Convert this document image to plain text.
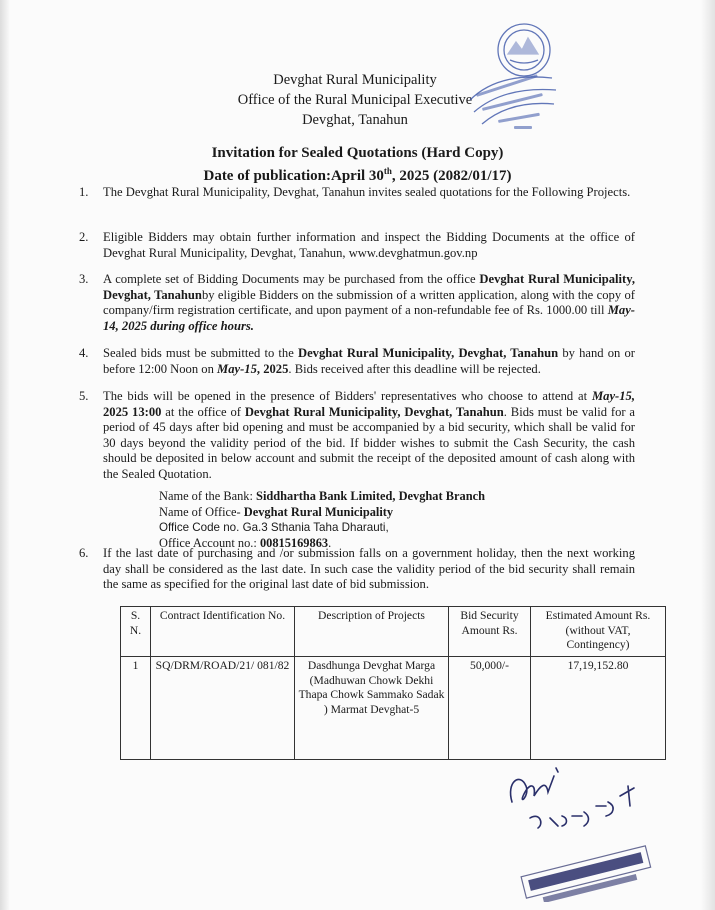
Devghat Rural Municipality
Office of the Rural Municipal Executive
Devghat, Tanahun
Invitation for Sealed Quotations (Hard Copy)
Date of publication:April 30th, 2025 (2082/01/17)
1. The Devghat Rural Municipality, Devghat, Tanahun invites sealed quotations for the Following Projects.
2. Eligible Bidders may obtain further information and inspect the Bidding Documents at the office of Devghat Rural Municipality, Devghat, Tanahun, www.devghatmun.gov.np
3. A complete set of Bidding Documents may be purchased from the office Devghat Rural Municipality, Devghat, Tanahunby eligible Bidders on the submission of a written application, along with the copy of company/firm registration certificate, and upon payment of a non-refundable fee of Rs. 1000.00 till May-14, 2025 during office hours.
4. Sealed bids must be submitted to the Devghat Rural Municipality, Devghat, Tanahun by hand on or before 12:00 Noon on May-15, 2025. Bids received after this deadline will be rejected.
5. The bids will be opened in the presence of Bidders' representatives who choose to attend at May-15, 2025 13:00 at the office of Devghat Rural Municipality, Devghat, Tanahun. Bids must be valid for a period of 45 days after bid opening and must be accompanied by a bid security, which shall be valid for 30 days beyond the validity period of the bid. If bidder wishes to submit the Cash Security, the cash should be deposited in below account and submit the receipt of the deposited amount of cash along with the Sealed Quotation.
Name of the Bank: Siddhartha Bank Limited, Devghat Branch
Name of Office- Devghat Rural Municipality
Office Code no. Ga.3 Sthania Taha Dharauti,
Office Account no.: 00815169863.
6. If the last date of purchasing and /or submission falls on a government holiday, then the next working day shall be considered as the last date. In such case the validity period of the bid security shall remain the same as specified for the original last date of bid submission.
S. N.	Contract Identification No.	Description of Projects	Bid Security Amount Rs.	Estimated Amount Rs. (without VAT, Contingency)
1	SQ/DRM/ROAD/21/ 081/82	Dasdhunga Devghat Marga (Madhuwan Chowk Dekhi Thapa Chowk Sammako Sadak ) Marmat Devghat-5	50,000/-	17,19,152.80
